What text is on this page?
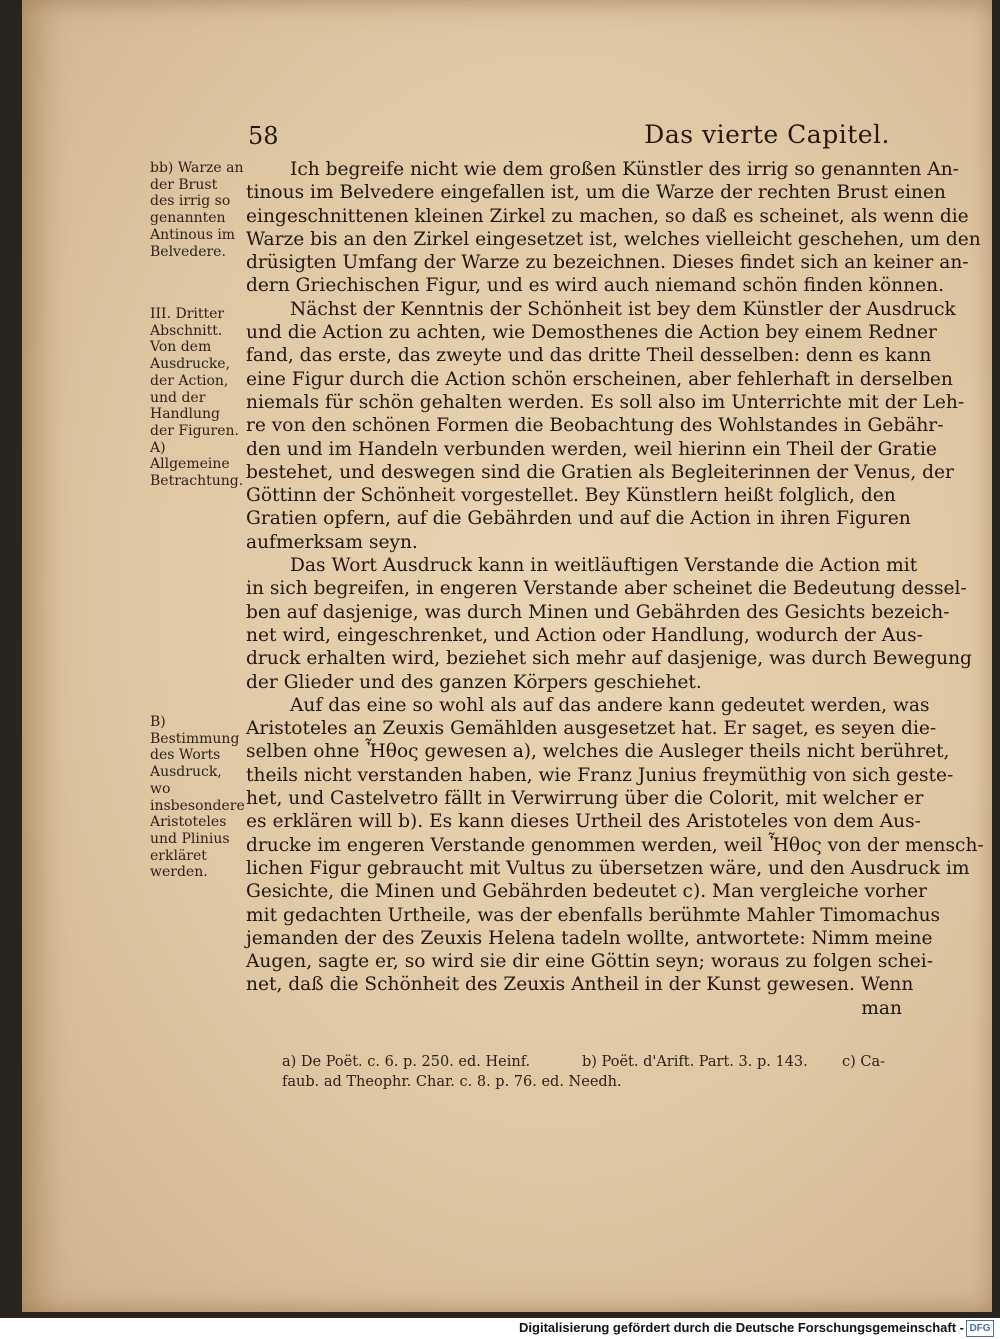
58	Das vierte Capitel.
bb) Warze an der Brust des irrig so genannten Antinous im Belvedere.
III. Dritter Abschnitt. Von dem Ausdrucke, der Action, und der Handlung der Figuren. A) Allgemeine Betrachtung.
B) Bestimmung des Worts Ausdruck, wo insbesondere Aristoteles und Plinius erkläret werden.
Ich begreife nicht wie dem großen Künstler des irrig so genannten An-
tinous im Belvedere eingefallen ist, um die Warze der rechten Brust einen
eingeschnittenen kleinen Zirkel zu machen, so daß es scheinet, als wenn die
Warze bis an den Zirkel eingesetzet ist, welches vielleicht geschehen, um den
drüsigten Umfang der Warze zu bezeichnen. Dieses findet sich an keiner an-
dern Griechischen Figur, und es wird auch niemand schön finden können.
Nächst der Kenntnis der Schönheit ist bey dem Künstler der Ausdruck
und die Action zu achten, wie Demosthenes die Action bey einem Redner
fand, das erste, das zweyte und das dritte Theil desselben: denn es kann
eine Figur durch die Action schön erscheinen, aber fehlerhaft in derselben
niemals für schön gehalten werden. Es soll also im Unterrichte mit der Leh-
re von den schönen Formen die Beobachtung des Wohlstandes in Gebähr-
den und im Handeln verbunden werden, weil hierinn ein Theil der Gratie
bestehet, und deswegen sind die Gratien als Begleiterinnen der Venus, der
Göttinn der Schönheit vorgestellet. Bey Künstlern heißt folglich, den
Gratien opfern, auf die Gebährden und auf die Action in ihren Figuren
aufmerksam seyn.
Das Wort Ausdruck kann in weitläuftigen Verstande die Action mit
in sich begreifen, in engeren Verstande aber scheinet die Bedeutung dessel-
ben auf dasjenige, was durch Minen und Gebährden des Gesichts bezeich-
net wird, eingeschrenket, und Action oder Handlung, wodurch der Aus-
druck erhalten wird, beziehet sich mehr auf dasjenige, was durch Bewegung
der Glieder und des ganzen Körpers geschiehet.
Auf das eine so wohl als auf das andere kann gedeutet werden, was
Aristoteles an Zeuxis Gemählden ausgesetzet hat. Er saget, es seyen die-
selben ohne Ἦθος gewesen a), welches die Ausleger theils nicht berühret,
theils nicht verstanden haben, wie Franz Junius freymüthig von sich geste-
het, und Castelvetro fällt in Verwirrung über die Colorit, mit welcher er
es erklären will b). Es kann dieses Urtheil des Aristoteles von dem Aus-
drucke im engeren Verstande genommen werden, weil Ἦθος von der mensch-
lichen Figur gebraucht mit Vultus zu übersetzen wäre, und den Ausdruck im
Gesichte, die Minen und Gebährden bedeutet c). Man vergleiche vorher
mit gedachten Urtheile, was der ebenfalls berühmte Mahler Timomachus
jemanden der des Zeuxis Helena tadeln wollte, antwortete: Nimm meine
Augen, sagte er, so wird sie dir eine Göttin seyn; woraus zu folgen schei-
net, daß die Schönheit des Zeuxis Antheil in der Kunst gewesen. Wenn
man
a) De Poët. c. 6. p. 250. ed. Heinf.	b) Poët. d'Arift. Part. 3. p. 143. c) Ca-
faub. ad Theophr. Char. c. 8. p. 76. ed. Needh.
Digitalisierung gefördert durch die Deutsche Forschungsgemeinschaft - DFG
